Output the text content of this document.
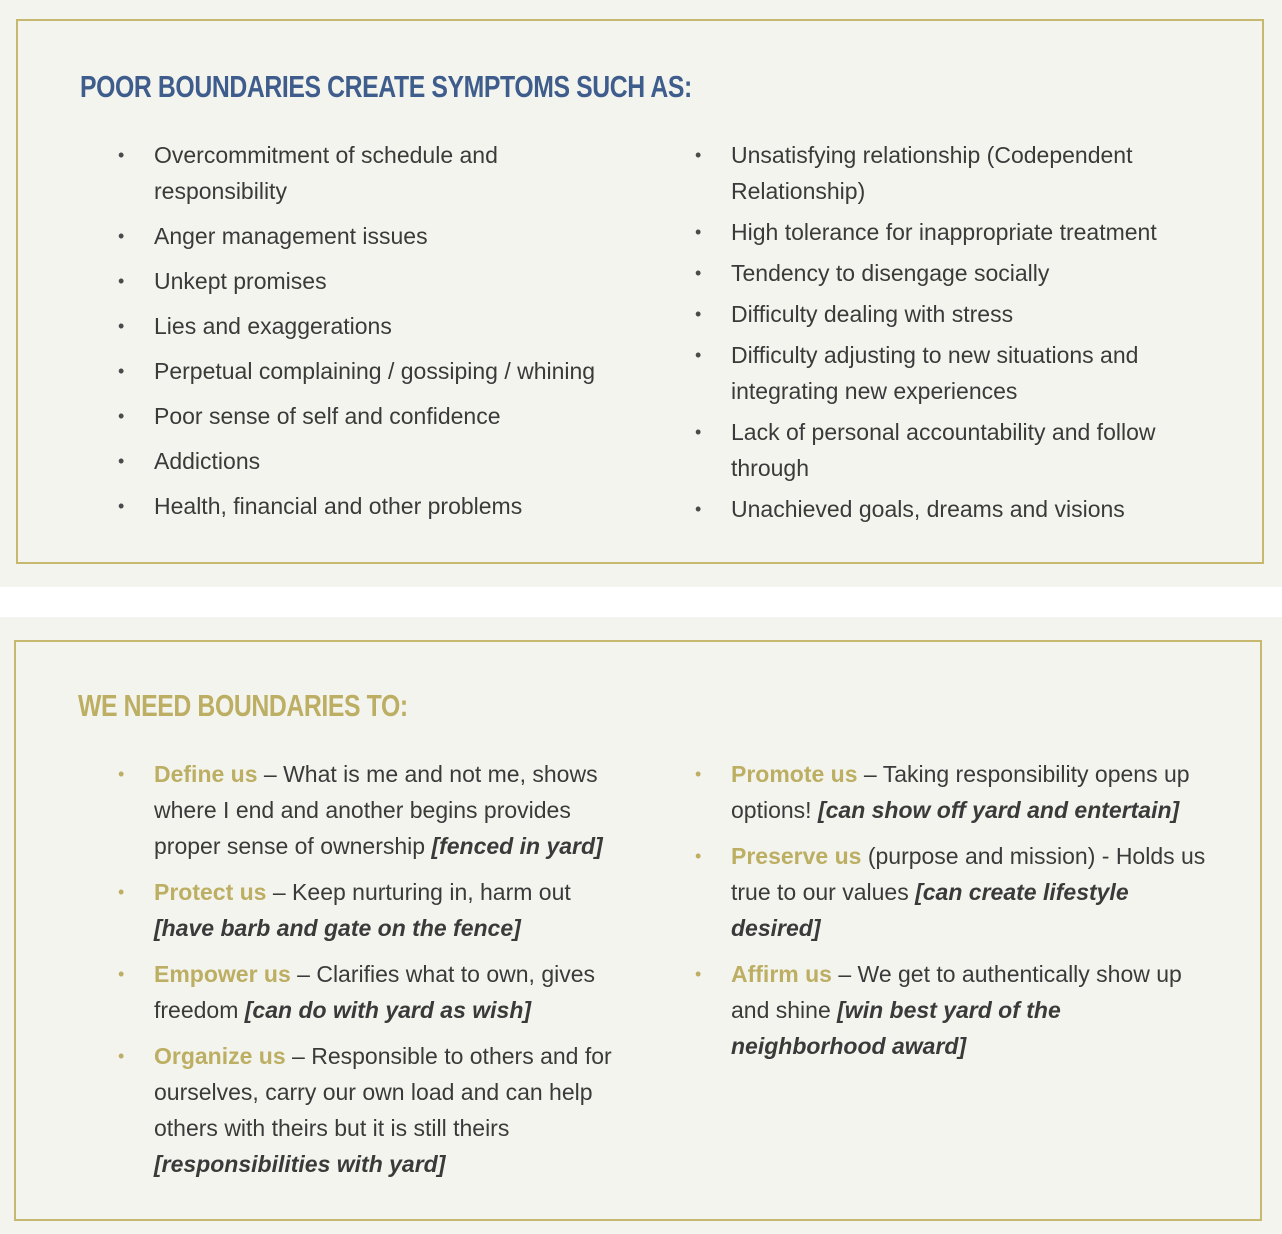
POOR BOUNDARIES CREATE SYMPTOMS SUCH AS:
• Overcommitment of schedule and responsibility
• Anger management issues
• Unkept promises
• Lies and exaggerations
• Perpetual complaining / gossiping / whining
• Poor sense of self and confidence
• Addictions
• Health, financial and other problems
• Unsatisfying relationship (Codependent Relationship)
• High tolerance for inappropriate treatment
• Tendency to disengage socially
• Difficulty dealing with stress
• Difficulty adjusting to new situations and integrating new experiences
• Lack of personal accountability and follow through
• Unachieved goals, dreams and visions
WE NEED BOUNDARIES TO:
• Define us – What is me and not me, shows where I end and another begins provides proper sense of ownership [fenced in yard]
• Protect us – Keep nurturing in, harm out [have barb and gate on the fence]
• Empower us – Clarifies what to own, gives freedom [can do with yard as wish]
• Organize us – Responsible to others and for ourselves, carry our own load and can help others with theirs but it is still theirs [responsibilities with yard]
• Promote us – Taking responsibility opens up options! [can show off yard and entertain]
• Preserve us (purpose and mission) - Holds us true to our values [can create lifestyle desired]
• Affirm us – We get to authentically show up and shine [win best yard of the neighborhood award]
